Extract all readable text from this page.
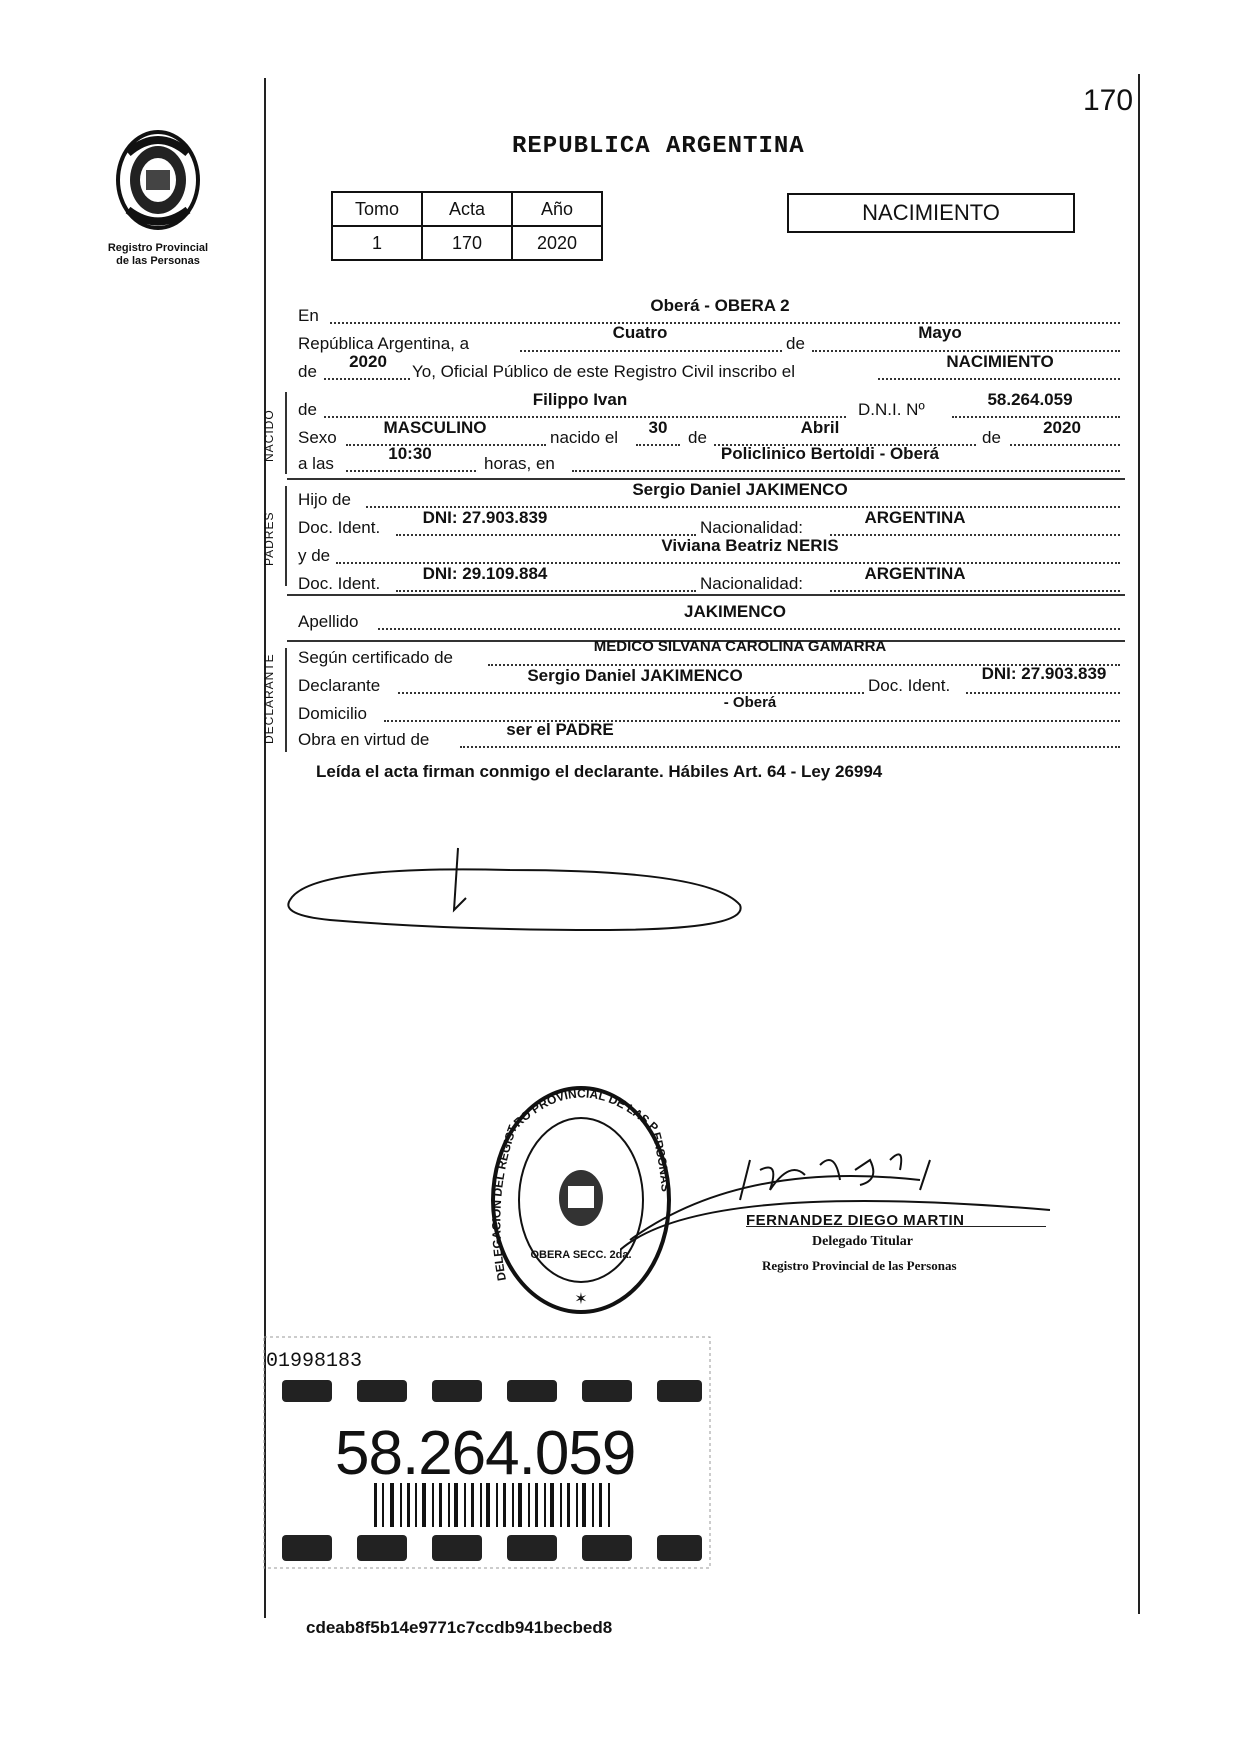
170
Registro Provincial
de las Personas
REPUBLICA ARGENTINA
Tomo	Acta	Año
1	170	2020
NACIMIENTO
En
Oberá - OBERA 2
República Argentina, a
Cuatro
de
Mayo
de
2020
Yo, Oficial Público de este Registro Civil inscribo el
NACIMIENTO
NACIDO de
Filippo Ivan
D.N.I. Nº
58.264.059
Sexo
MASCULINO
nacido el
30
de
Abril
de
2020
a las
10:30
horas, en
Policlinico Bertoldi - Oberá
PADRES
Hijo de
Sergio Daniel JAKIMENCO
Doc. Ident.
DNI: 27.903.839
Nacionalidad:
ARGENTINA
y de
Viviana Beatriz NERIS
Doc. Ident.
DNI: 29.109.884
Nacionalidad:
ARGENTINA
Apellido
JAKIMENCO
DECLARANTE Según certificado de
MEDICO SILVANA CAROLINA GAMARRA
Declarante
Sergio Daniel JAKIMENCO
Doc. Ident.
DNI: 27.903.839
Domicilio
- Oberá
Obra en virtud de
ser el PADRE
Leída el acta firman conmigo el declarante. Hábiles Art. 64 - Ley 26994
DELEGACION DEL REGISTRO PROVINCIAL DE LAS PERSONAS
OBERA SECC. 2da.
✶
FERNANDEZ DIEGO MARTIN
Delegado Titular
Registro Provincial de las Personas
01998183
58.264.059
cdeab8f5b14e9771c7ccdb941becbed8
